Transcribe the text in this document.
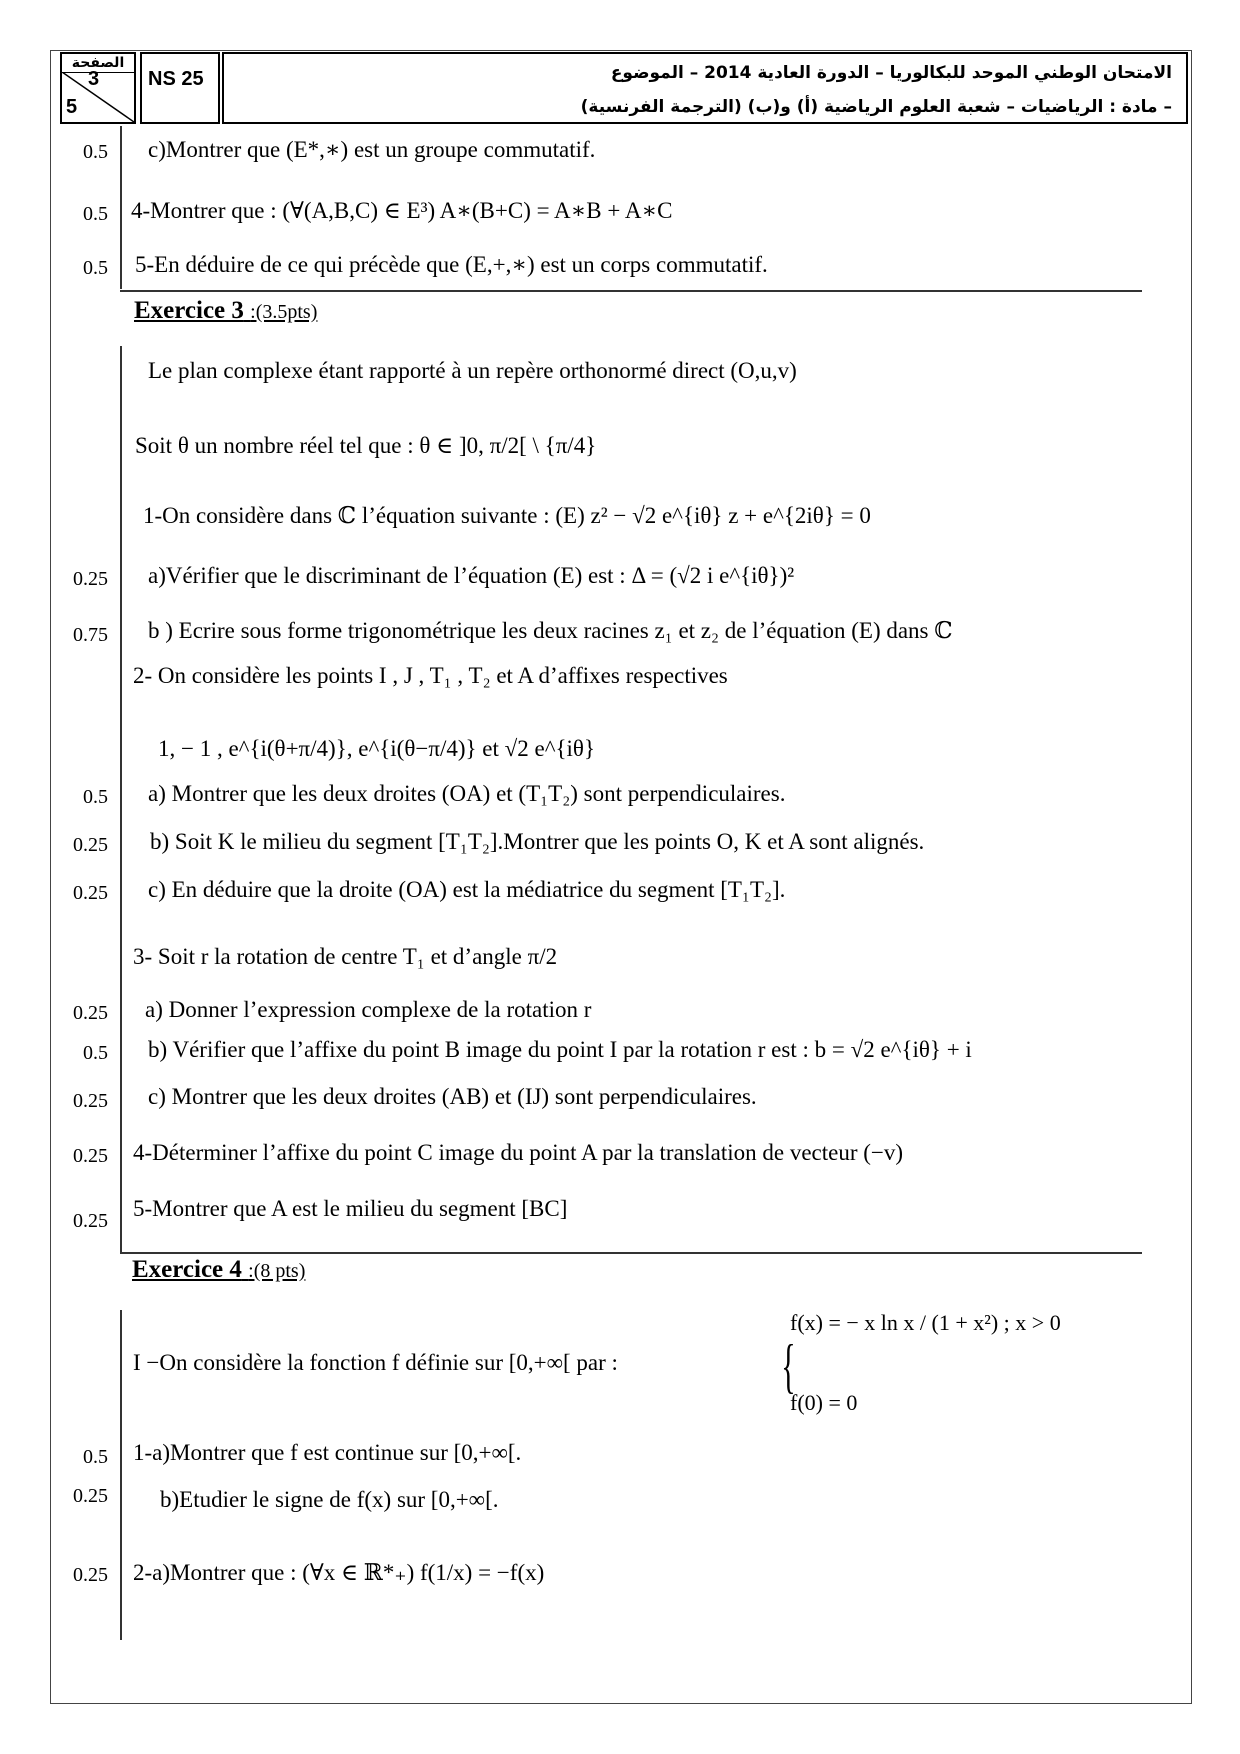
الصفحة
3
5
NS 25	الامتحان الوطني الموحد للبكالوريا – الدورة العادية 2014 – الموضوع
– مادة : الرياضيات – شعبة العلوم الرياضية (أ) و(ب) (الترجمة الفرنسية)
0.5 c)Montrer que (E*,∗) est un groupe commutatif.
0.5 4-Montrer que : (∀(A,B,C) ∈ E³) A∗(B+C) = A∗B + A∗C
0.5 5-En déduire de ce qui précède que (E,+,∗) est un corps commutatif.
Exercice 3 :(3.5pts)
Le plan complexe étant rapporté à un repère orthonormé direct (O,u,v)
Soit θ un nombre réel tel que : θ ∈ ]0, π/2[ \ {π/4}
1-On considère dans ℂ l’équation suivante : (E) z² − √2 e^{iθ} z + e^{2iθ} = 0
0.25 a)Vérifier que le discriminant de l’équation (E) est : Δ = (√2 i e^{iθ})²
0.75 b ) Ecrire sous forme trigonométrique les deux racines z₁ et z₂ de l’équation (E) dans ℂ
2- On considère les points I , J , T₁ , T₂ et A d’affixes respectives
1, − 1 , e^{i(θ+π/4)}, e^{i(θ−π/4)} et √2 e^{iθ}
0.5 a) Montrer que les deux droites (OA) et (T₁T₂) sont perpendiculaires.
0.25 b) Soit K le milieu du segment [T₁T₂].Montrer que les points O, K et A sont alignés.
0.25 c) En déduire que la droite (OA) est la médiatrice du segment [T₁T₂].
3- Soit r la rotation de centre T₁ et d’angle π/2
0.25 a) Donner l’expression complexe de la rotation r
0.5 b) Vérifier que l’affixe du point B image du point I par la rotation r est : b = √2 e^{iθ} + i
0.25 c) Montrer que les deux droites (AB) et (IJ) sont perpendiculaires.
0.25 4-Déterminer l’affixe du point C image du point A par la translation de vecteur (−v)
0.25 5-Montrer que A est le milieu du segment [BC]
Exercice 4 :(8 pts)
I −On considère la fonction f définie sur [0,+∞[ par :
f(x) = − x ln x / (1 + x²) ; x > 0
f(0) = 0
{
0.5 1-a)Montrer que f est continue sur [0,+∞[.
0.25 b)Etudier le signe de f(x) sur [0,+∞[.
0.25 2-a)Montrer que : (∀x ∈ ℝ*₊) f(1/x) = −f(x)
